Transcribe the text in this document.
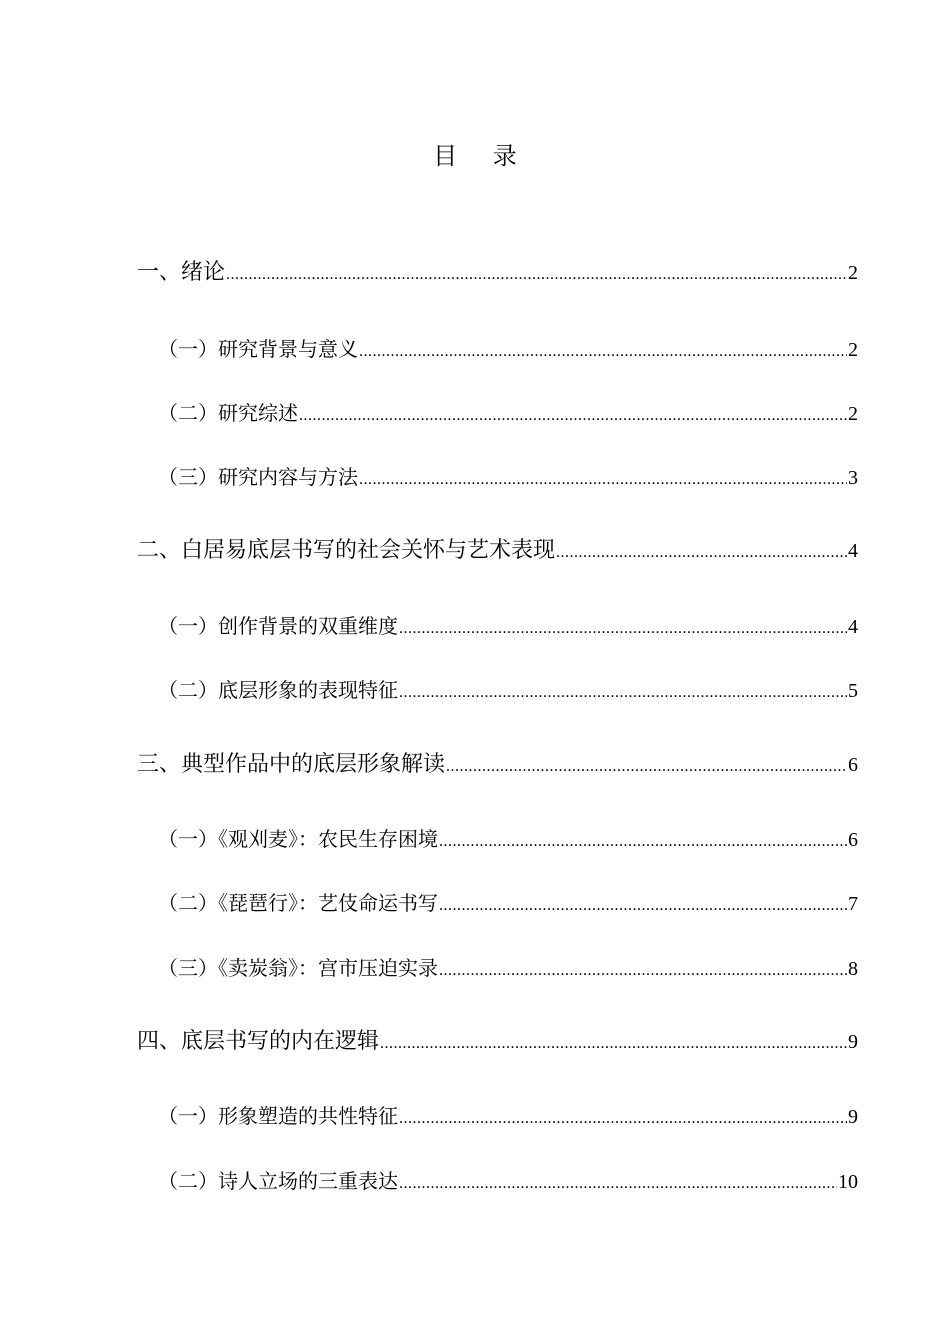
目 录
一、绪论 .....	2
（一）研究背景与意义 .....	2
（二）研究综述 .....	2
（三）研究内容与方法 .....	3
二、白居易底层书写的社会关怀与艺术表现 .....	4
（一）创作背景的双重维度 .....	4
（二）底层形象的表现特征 .....	5
三、典型作品中的底层形象解读 .....	6
（一）《观刈麦》：农民生存困境 .....	6
（二）《琵琶行》：艺伎命运书写 .....	7
（三）《卖炭翁》：宫市压迫实录 .....	8
四、底层书写的内在逻辑 .....	9
（一）形象塑造的共性特征 .....	9
（二）诗人立场的三重表达 .....	10
